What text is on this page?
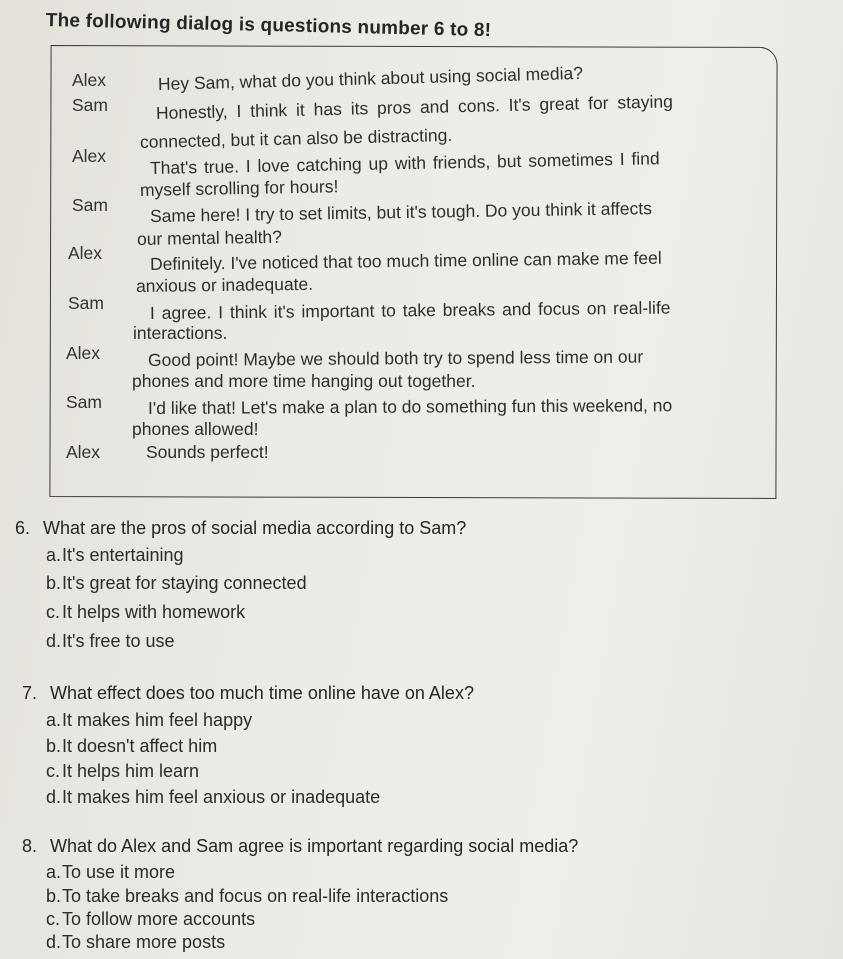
The following dialog is questions number 6 to 8!
Alex
Sam
Alex
Sam
Alex
Sam
Alex
Sam
Alex
Hey Sam, what do you think about using social media?
Honestly, I think it has its pros and cons. It's great for staying
connected, but it can also be distracting.
That's true. I love catching up with friends, but sometimes I find
myself scrolling for hours!
Same here! I try to set limits, but it's tough. Do you think it affects
our mental health?
Definitely. I've noticed that too much time online can make me feel
anxious or inadequate.
I agree. I think it's important to take breaks and focus on real-life
interactions.
Good point! Maybe we should both try to spend less time on our
phones and more time hanging out together.
I'd like that! Let's make a plan to do something fun this weekend, no
phones allowed!
Sounds perfect!
6. What are the pros of social media according to Sam?
a.It's entertaining
b.It's great for staying connected
c. It helps with homework
d.It's free to use
7. What effect does too much time online have on Alex?
a.It makes him feel happy
b.It doesn't affect him
c. It helps him learn
d.It makes him feel anxious or inadequate
8. What do Alex and Sam agree is important regarding social media?
a.To use it more
b.To take breaks and focus on real-life interactions
c. To follow more accounts
d.To share more posts
